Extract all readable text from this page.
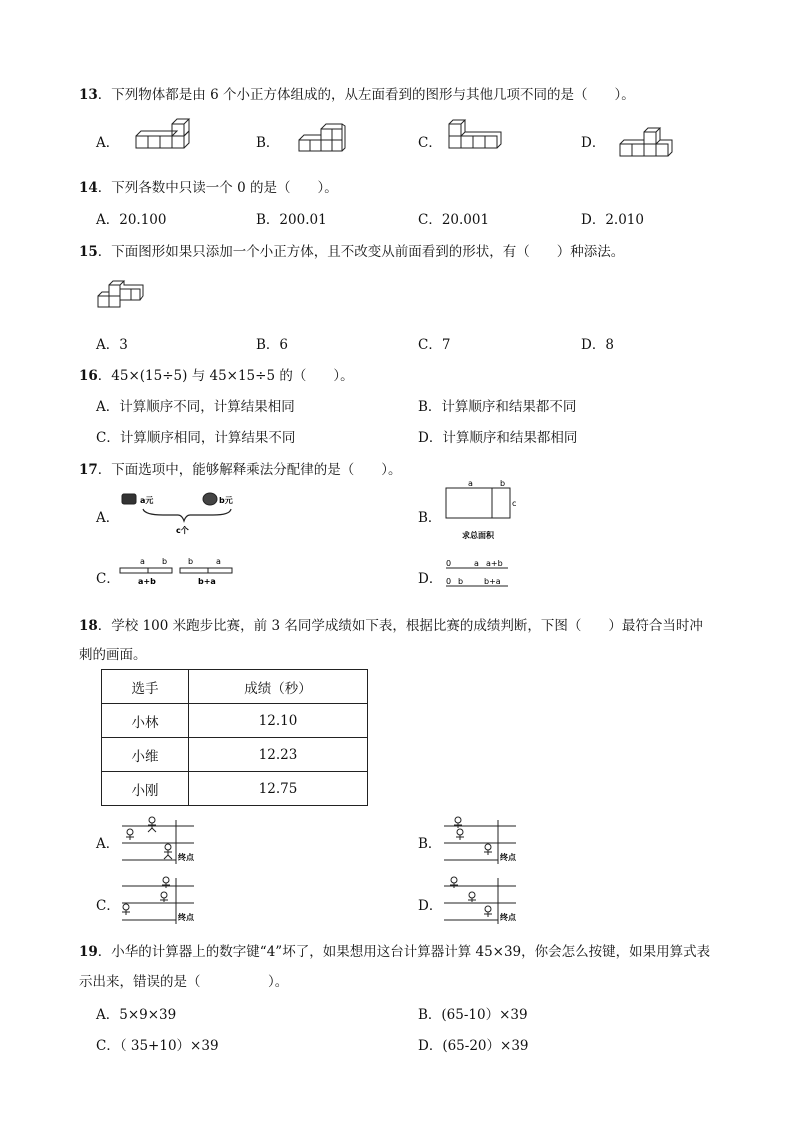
13．下列物体都是由 6 个小正方体组成的，从左面看到的图形与其他几项不同的是（　　）。
A．	B．	C．	D．
14．下列各数中只读一个 0 的是（　　）。
A．20.100	B．200.01	C．20.001	D．2.010
15．下面图形如果只添加一个小正方体，且不改变从前面看到的形状，有（　　）种添法。
A．3	B．6	C．7	D．8
16．45×(15÷5) 与 45×15÷5 的（　　）。
A．计算顺序不同，计算结果相同	B．计算顺序和结果都不同
C．计算顺序相同，计算结果不同	D．计算顺序和结果都相同
17．下面选项中，能够解释乘法分配律的是（　　）。
A．	B．
C．	D．
a元	b元
c个
a	b
c
求总面积
a b
a+b
b	a
b+a
0	a a+b
0 b	b+a
18．学校 100 米跑步比赛，前 3 名同学成绩如下表，根据比赛的成绩判断，下图（　　）最符合当时冲
刺的画面。
选手	成绩（秒）
小林	12.10
小维	12.23
小刚	12.75
A．	B．
C．	D．
终点	终点
终点	终点
19．小华的计算器上的数字键“4”坏了，如果想用这台计算器计算 45×39，你会怎么按键，如果用算式表
示出来，错误的是（　　　　　）。
A．5×9×39	B．(65-10）×39
C．（ 35+10）×39	D．(65-20）×39
